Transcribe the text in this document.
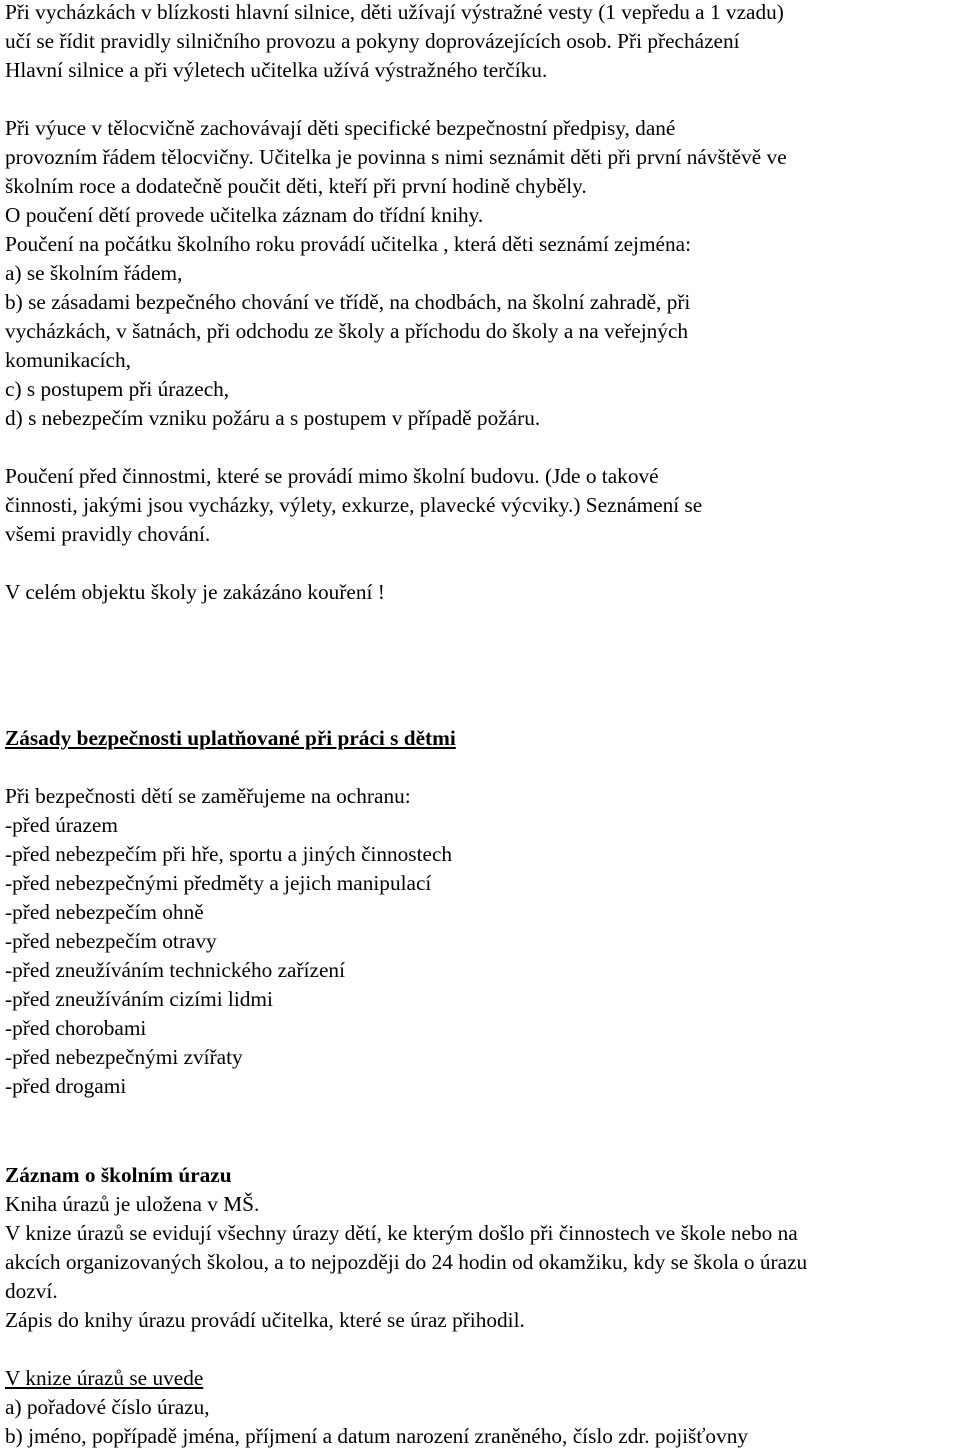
Při vycházkách v blízkosti hlavní silnice, děti užívají výstražné vesty (1 vepředu a 1 vzadu)
učí se řídit pravidly silničního provozu a pokyny doprovázejících osob. Při přecházení
Hlavní silnice a při výletech učitelka užívá výstražného terčíku.
Při výuce v tělocvičně zachovávají děti specifické bezpečnostní předpisy, dané
provozním řádem tělocvičny. Učitelka je povinna s nimi seznámit děti při první návštěvě ve
školním roce a dodatečně poučit děti, kteří při první hodině chyběly.
O poučení dětí provede učitelka záznam do třídní knihy.
Poučení na počátku školního roku provádí učitelka , která děti seznámí zejména:
a) se školním řádem,
b) se zásadami bezpečného chování ve třídě, na chodbách, na školní zahradě, při
vycházkách, v šatnách, při odchodu ze školy a příchodu do školy a na veřejných
komunikacích,
c) s postupem při úrazech,
d) s nebezpečím vzniku požáru a s postupem v případě požáru.
Poučení před činnostmi, které se provádí mimo školní budovu. (Jde o takové
činnosti, jakými jsou vycházky, výlety, exkurze, plavecké výcviky.) Seznámení se
všemi pravidly chování.
V celém objektu školy je zakázáno kouření !
Zásady bezpečnosti uplatňované při práci s dětmi
Při bezpečnosti dětí se zaměřujeme na ochranu:
-před úrazem
-před nebezpečím při hře, sportu a jiných činnostech
-před nebezpečnými předměty a jejich manipulací
-před nebezpečím ohně
-před nebezpečím otravy
-před zneužíváním technického zařízení
-před zneužíváním cizími lidmi
-před chorobami
-před nebezpečnými zvířaty
-před drogami
Záznam o školním úrazu
Kniha úrazů je uložena v MŠ.
V knize úrazů se evidují všechny úrazy dětí, ke kterým došlo při činnostech ve škole nebo na
akcích organizovaných školou, a to nejpozději do 24 hodin od okamžiku, kdy se škola o úrazu
dozví.
Zápis do knihy úrazu provádí učitelka, které se úraz přihodil.
V knize úrazů se uvede
a) pořadové číslo úrazu,
b) jméno, popřípadě jména, příjmení a datum narození zraněného, číslo zdr. pojišťovny
